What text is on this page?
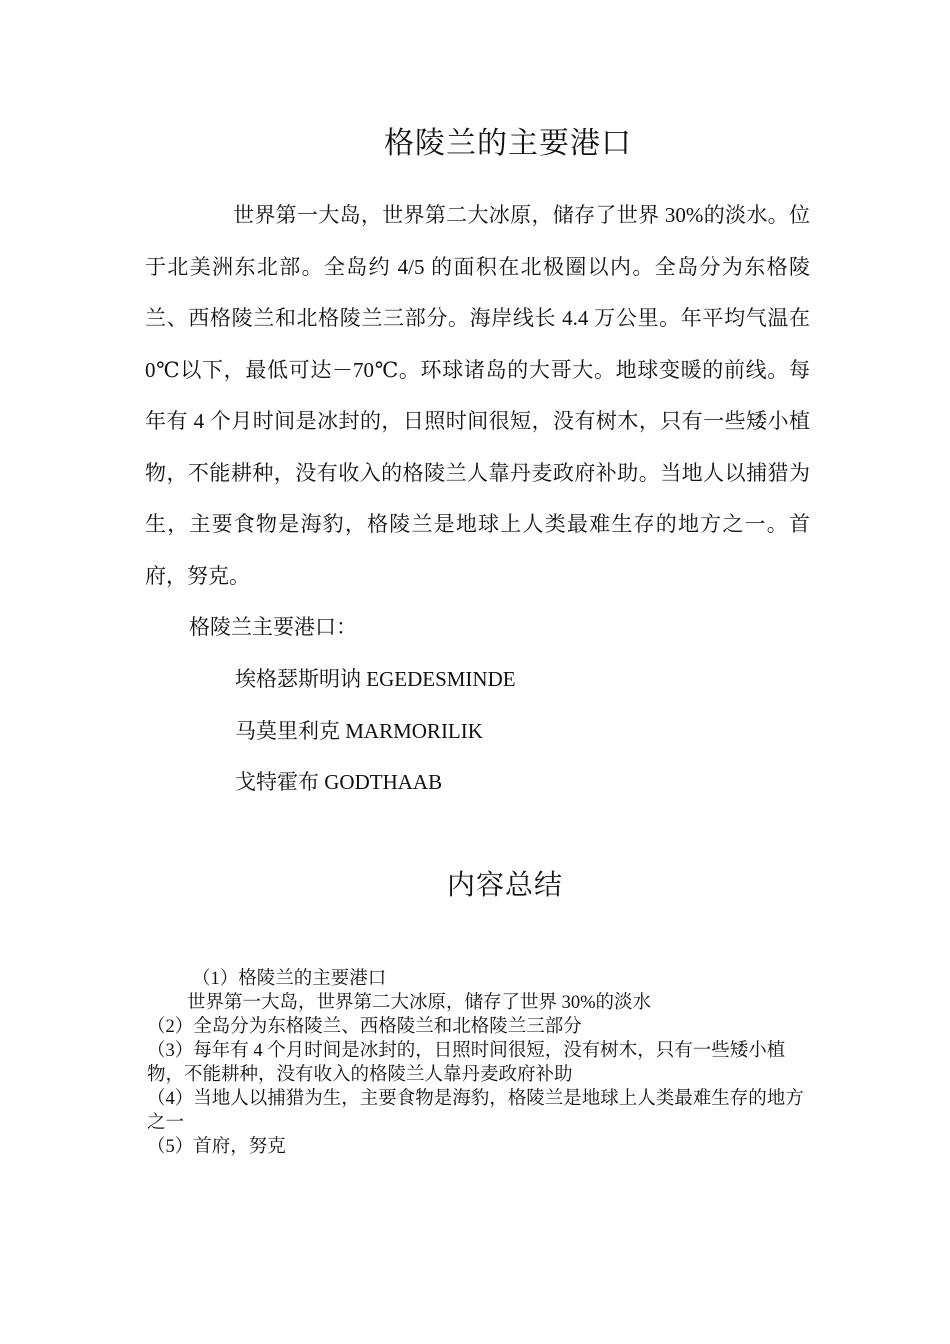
格陵兰的主要港口

世界第一大岛，世界第二大冰原，储存了世界 30%的淡水。位于北美洲东北部。全岛约 4/5 的面积在北极圈以内。全岛分为东格陵兰、西格陵兰和北格陵兰三部分。海岸线长 4.4 万公里。年平均气温在 0℃以下，最低可达－70℃。环球诸岛的大哥大。地球变暖的前线。每年有 4 个月时间是冰封的，日照时间很短，没有树木，只有一些矮小植物，不能耕种，没有收入的格陵兰人靠丹麦政府补助。当地人以捕猎为生，主要食物是海豹，格陵兰是地球上人类最难生存的地方之一。首府，努克。

格陵兰主要港口：
埃格瑟斯明讷 EGEDESMINDE
马莫里利克 MARMORILIK
戈特霍布 GODTHAAB
内容总结

（1）格陵兰的主要港口

世界第一大岛，世界第二大冰原，储存了世界 30%的淡水

（2）全岛分为东格陵兰、西格陵兰和北格陵兰三部分

（3）每年有 4 个月时间是冰封的，日照时间很短，没有树木，只有一些矮小植物，不能耕种，没有收入的格陵兰人靠丹麦政府补助

（4）当地人以捕猎为生，主要食物是海豹，格陵兰是地球上人类最难生存的地方之一

（5）首府，努克
